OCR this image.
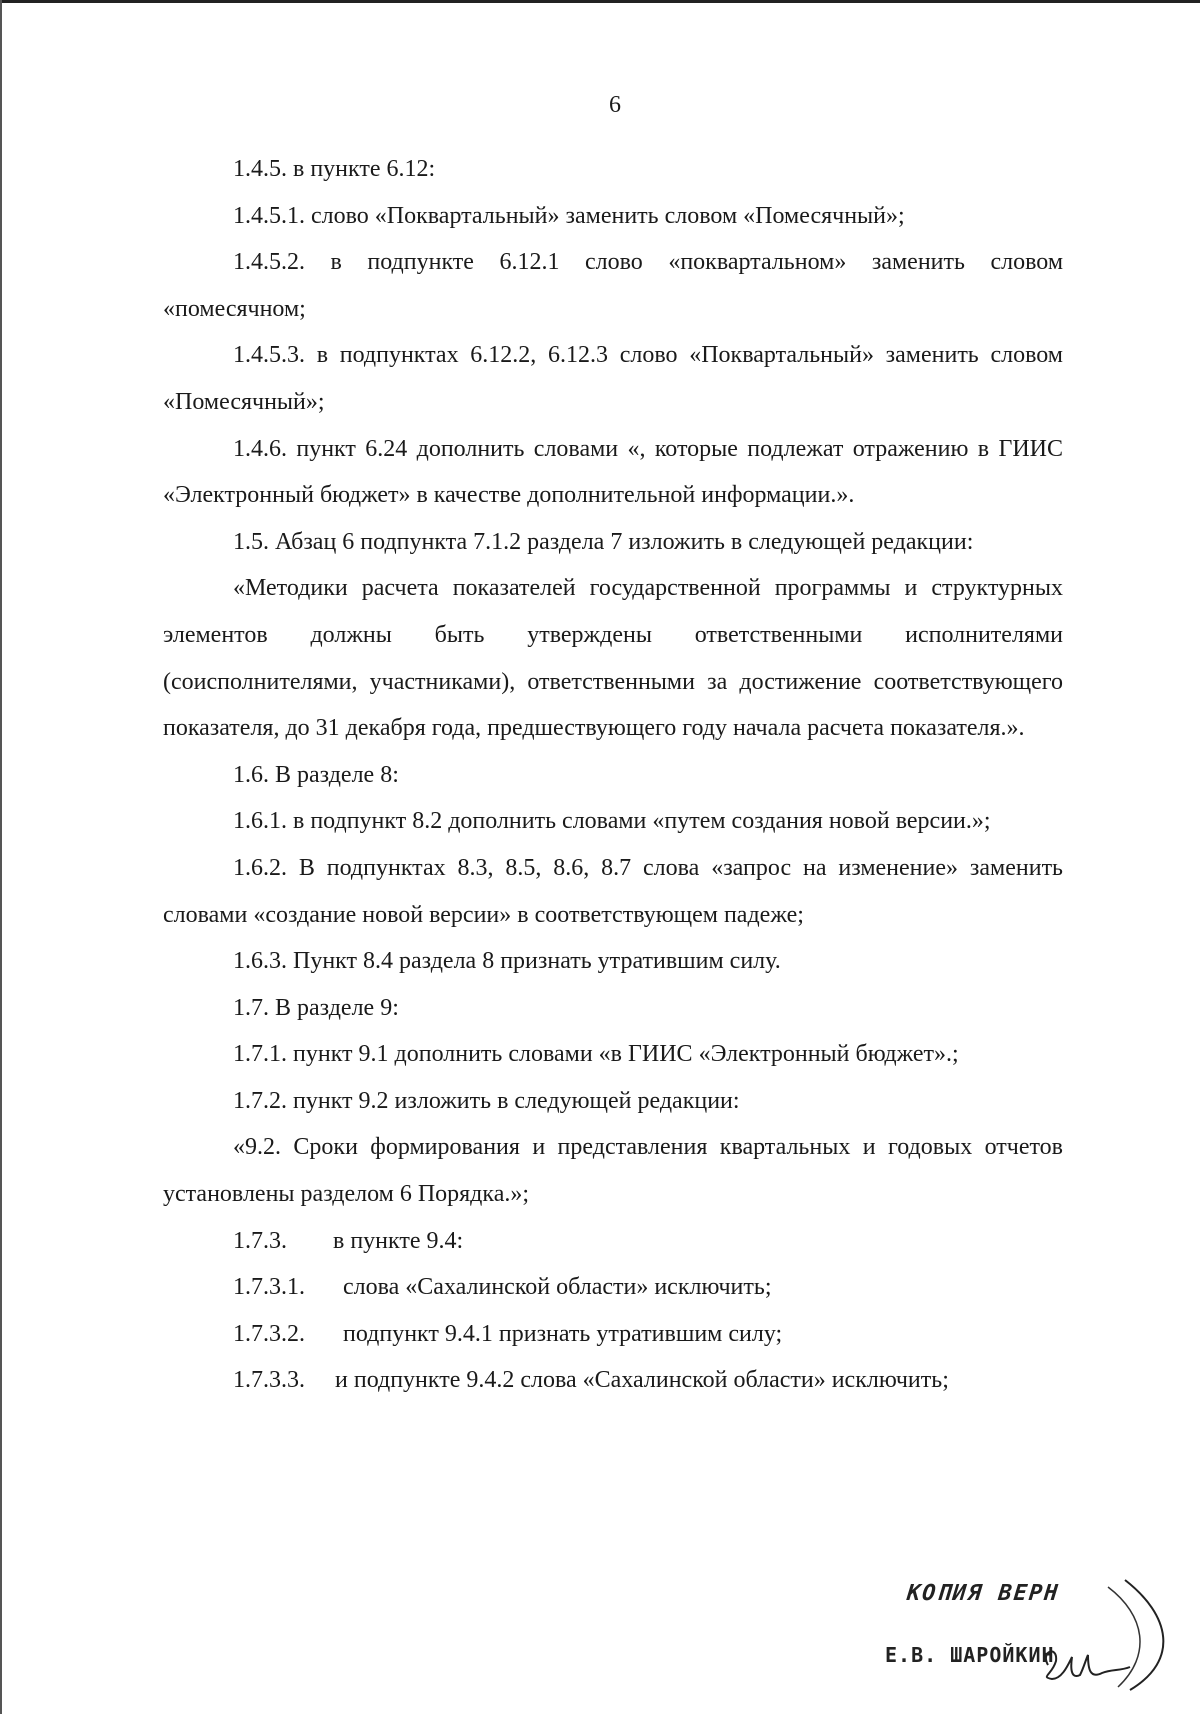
6

1.4.5. в пункте 6.12:

1.4.5.1. слово «Поквартальный» заменить словом «Помесячный»;

1.4.5.2. в подпункте 6.12.1 слово «поквартальном» заменить словом «помесячном;

1.4.5.3. в подпунктах 6.12.2, 6.12.3 слово «Поквартальный» заменить словом «Помесячный»;

1.4.6. пункт 6.24 дополнить словами «, которые подлежат отражению в ГИИС «Электронный бюджет» в качестве дополнительной информации.».

1.5. Абзац 6 подпункта 7.1.2 раздела 7 изложить в следующей редакции:

«Методики расчета показателей государственной программы и структурных элементов должны быть утверждены ответственными исполнителями (соисполнителями, участниками), ответственными за достижение соответствующего показателя, до 31 декабря года, предшествующего году начала расчета показателя.».

1.6. В разделе 8:

1.6.1. в подпункт 8.2 дополнить словами «путем создания новой версии.»;

1.6.2. В подпунктах 8.3, 8.5, 8.6, 8.7 слова «запрос на изменение» заменить словами «создание новой версии» в соответствующем падеже;

1.6.3. Пункт 8.4 раздела 8 признать утратившим силу.

1.7. В разделе 9:

1.7.1. пункт 9.1 дополнить словами «в ГИИС «Электронный бюджет».;

1.7.2. пункт 9.2 изложить в следующей редакции:

«9.2. Сроки формирования и представления квартальных и годовых отчетов установлены разделом 6 Порядка.»;

1.7.3. в пункте 9.4:

1.7.3.1. слова «Сахалинской области» исключить;

1.7.3.2. подпункт 9.4.1 признать утратившим силу;

1.7.3.3. и подпункте 9.4.2 слова «Сахалинской области» исключить;

КОПИЯ ВЕРН
Е.В. ШАРОЙКИН
